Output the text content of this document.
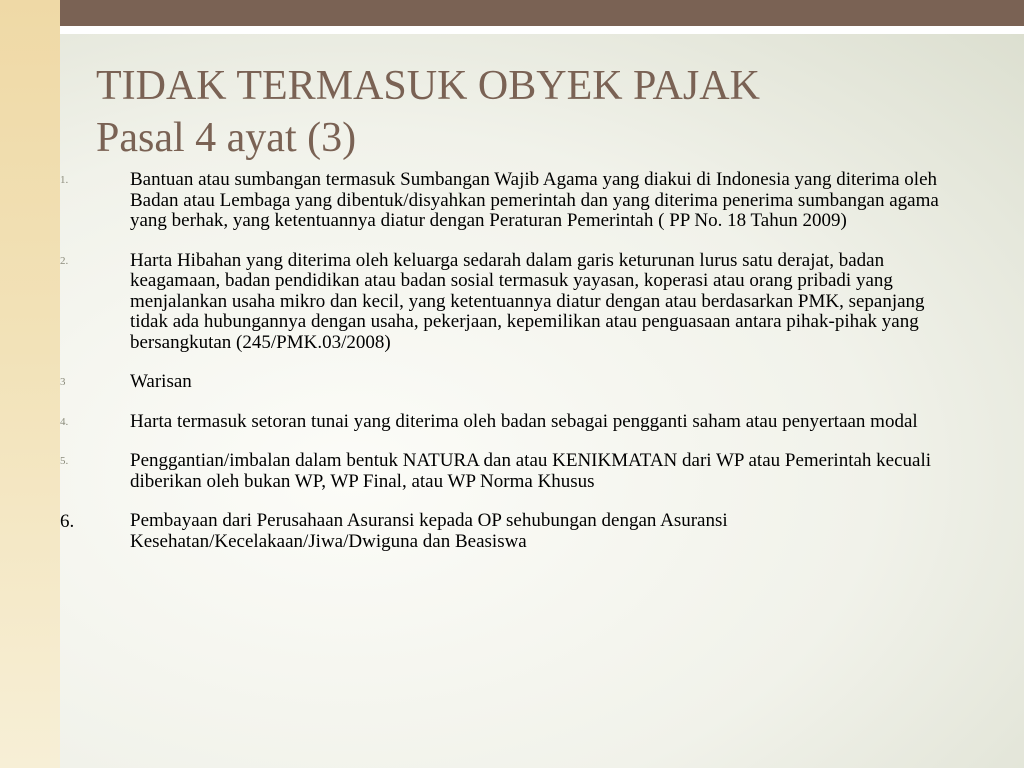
TIDAK TERMASUK OBYEK PAJAK
Pasal 4 ayat (3)
1.	Bantuan atau sumbangan termasuk Sumbangan Wajib Agama yang diakui di Indonesia yang diterima oleh Badan atau Lembaga yang dibentuk/disyahkan pemerintah dan yang diterima penerima sumbangan agama yang berhak, yang ketentuannya diatur dengan Peraturan Pemerintah ( PP No. 18 Tahun 2009)
2.	Harta Hibahan yang diterima oleh keluarga sedarah dalam garis keturunan lurus satu derajat, badan keagamaan, badan pendidikan atau badan sosial termasuk yayasan, koperasi atau orang pribadi yang menjalankan usaha mikro dan kecil, yang ketentuannya diatur dengan atau berdasarkan PMK, sepanjang tidak ada hubungannya dengan usaha, pekerjaan, kepemilikan atau penguasaan antara pihak-pihak yang bersangkutan (245/PMK.03/2008)
3	Warisan
4.	Harta termasuk setoran tunai yang diterima oleh badan sebagai pengganti saham atau penyertaan modal
5.	Penggantian/imbalan dalam bentuk NATURA dan atau KENIKMATAN dari WP atau Pemerintah kecuali diberikan oleh bukan WP, WP Final, atau WP Norma Khusus
6.	Pembayaan dari Perusahaan Asuransi kepada OP sehubungan dengan Asuransi Kesehatan/Kecelakaan/Jiwa/Dwiguna dan Beasiswa
